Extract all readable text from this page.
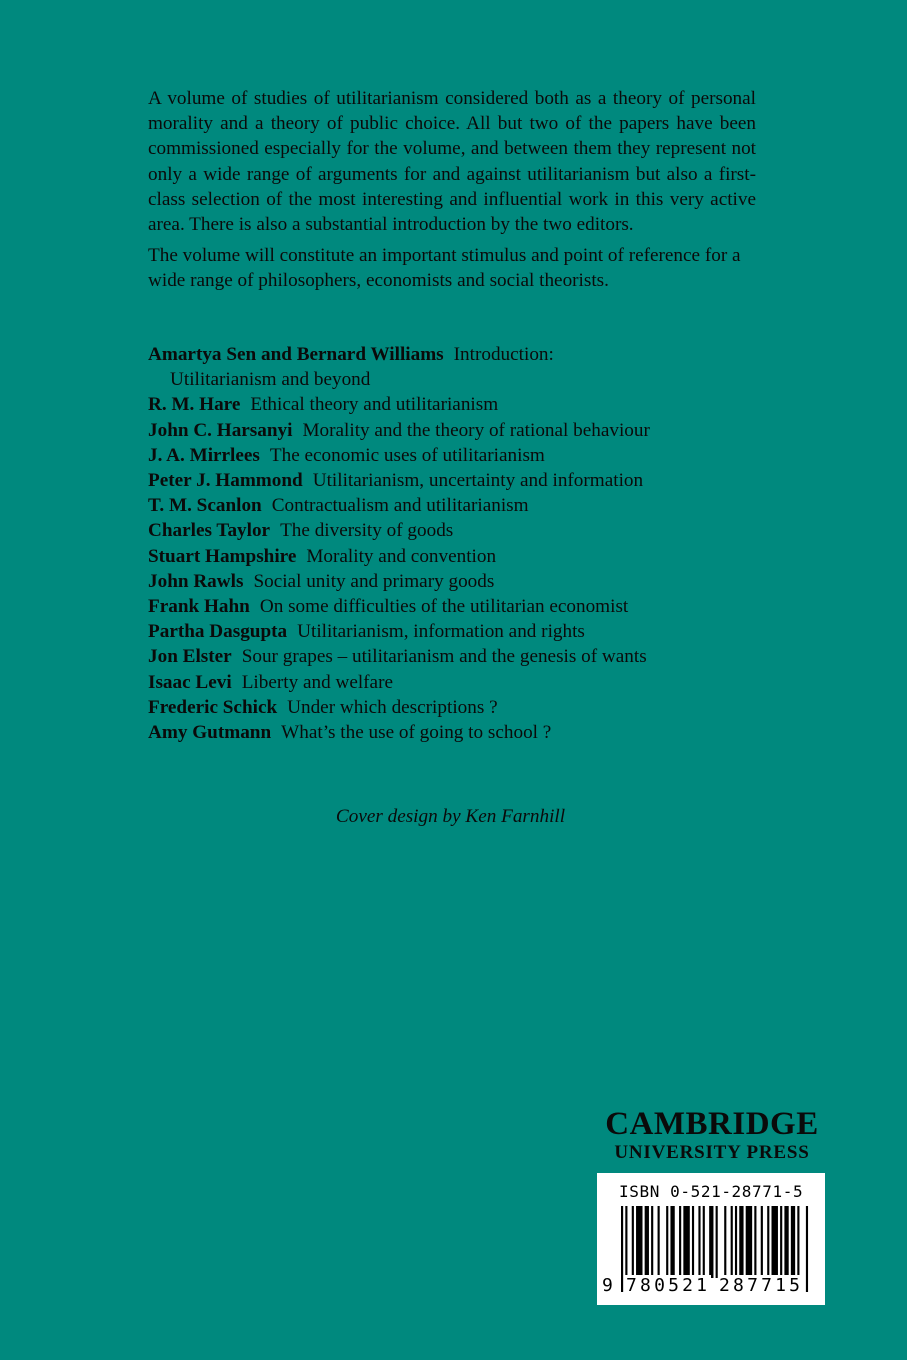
A volume of studies of utilitarianism considered both as a theory of personal morality and a theory of public choice. All but two of the papers have been commissioned especially for the volume, and between them they represent not only a wide range of arguments for and against utilitarianism but also a first-class selection of the most interesting and influential work in this very active area. There is also a substantial introduction by the two editors.

The volume will constitute an important stimulus and point of reference for a wide range of philosophers, economists and social theorists.

Amartya Sen and Bernard Williams Introduction:
Utilitarianism and beyond
R. M. Hare Ethical theory and utilitarianism
John C. Harsanyi Morality and the theory of rational behaviour
J. A. Mirrlees The economic uses of utilitarianism
Peter J. Hammond Utilitarianism, uncertainty and information
T. M. Scanlon Contractualism and utilitarianism
Charles Taylor The diversity of goods
Stuart Hampshire Morality and convention
John Rawls Social unity and primary goods
Frank Hahn On some difficulties of the utilitarian economist
Partha Dasgupta Utilitarianism, information and rights
Jon Elster Sour grapes – utilitarianism and the genesis of wants
Isaac Levi Liberty and welfare
Frederic Schick Under which descriptions ?
Amy Gutmann What’s the use of going to school ?
Cover design by Ken Farnhill
CAMBRIDGE
UNIVERSITY PRESS
ISBN 0-521-28771-5
9 780521 287715
